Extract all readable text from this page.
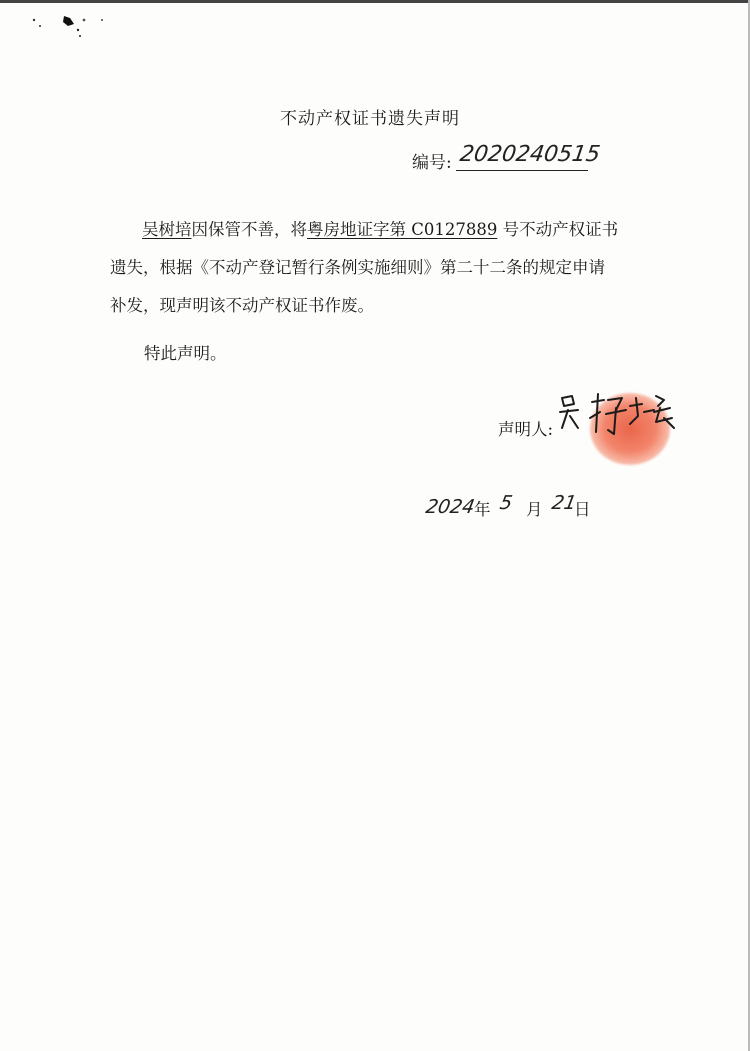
不动产权证书遗失声明
编号: 2020240515
吴树培因保管不善，将粤房地证字第 C0127889 号不动产权证书
遗失，根据《不动产登记暂行条例实施细则》第二十二条的规定申请
补发，现声明该不动产权证书作废。
特此声明。
声明人:
2024
年 5 月 21
日
